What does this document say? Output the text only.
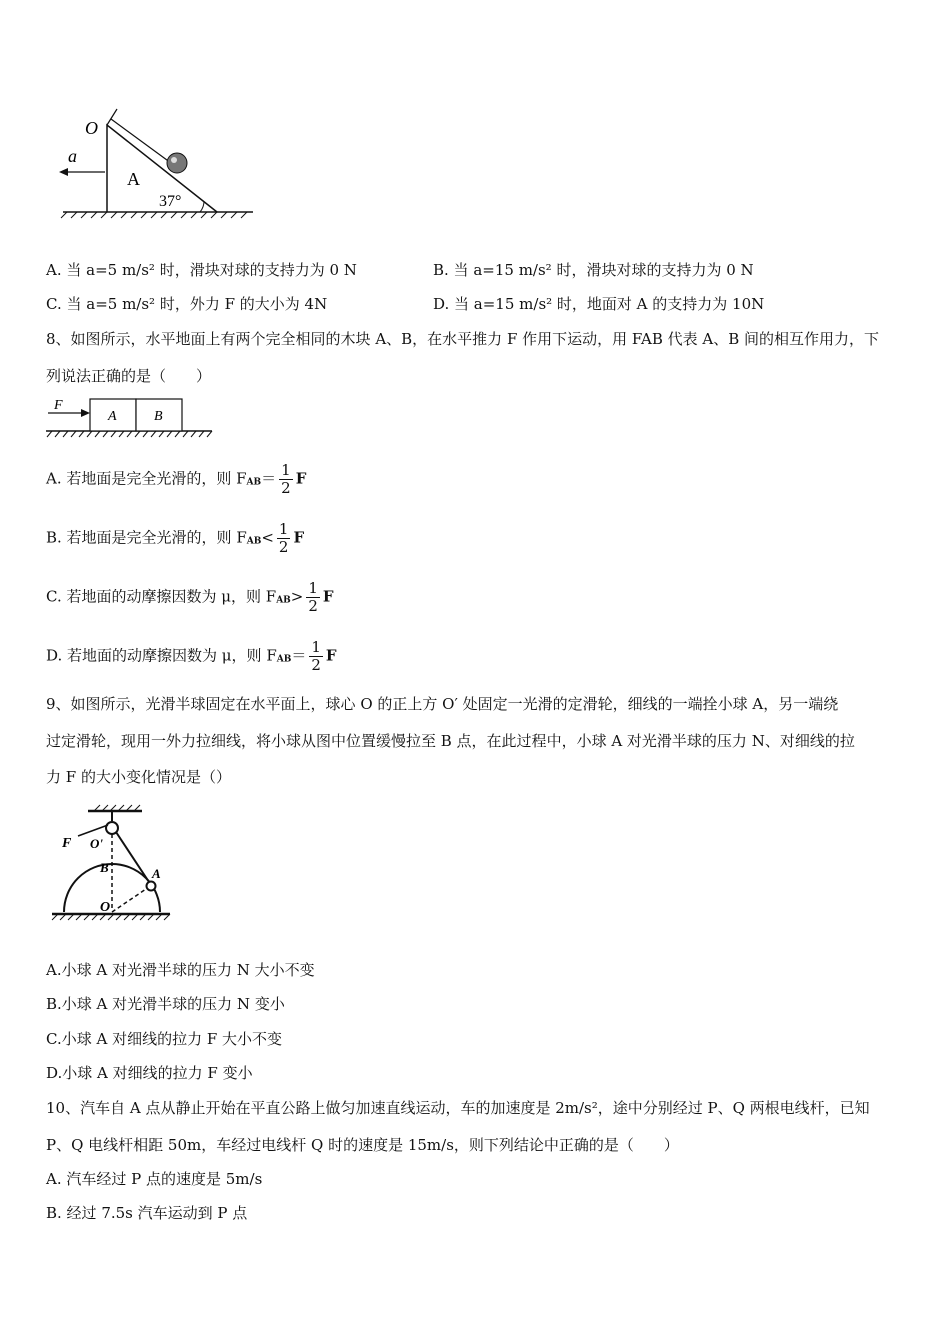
O
a
A
37°
A. 当 a=5 m/s² 时，滑块对球的支持力为 0 N	B. 当 a=15 m/s² 时，滑块对球的支持力为 0 N
C. 当 a=5 m/s² 时，外力 F 的大小为 4N	D. 当 a=15 m/s² 时，地面对 A 的支持力为 10N
8、如图所示，水平地面上有两个完全相同的木块 A、B，在水平推力 F 作用下运动，用 FAB 代表 A、B 间的相互作用力，下
列说法正确的是（　　）
F
A	B
A. 若地面是完全光滑的，则 $FAB= \frac{1}{2}$ F
B. 若地面是完全光滑的，则 $FAB< \frac{1}{2}$ F
C. 若地面的动摩擦因数为 μ，则 $FAB> \frac{1}{2}$ F
D. 若地面的动摩擦因数为 μ，则 $FAB= \frac{1}{2}$ F
9、如图所示，光滑半球固定在水平面上，球心 O 的正上方 O′ 处固定一光滑的定滑轮，细线的一端拴小球 A，另一端绕
过定滑轮，现用一外力拉细线，将小球从图中位置缓慢拉至 B 点，在此过程中，小球 A 对光滑半球的压力 N、对细线的拉
力 F 的大小变化情况是（）
F O'
B	A
O
A.小球 A 对光滑半球的压力 N 大小不变
B.小球 A 对光滑半球的压力 N 变小
C.小球 A 对细线的拉力 F 大小不变
D.小球 A 对细线的拉力 F 变小
10、汽车自 A 点从静止开始在平直公路上做匀加速直线运动，车的加速度是 2m/s²，途中分别经过 P、Q 两根电线杆，已知
P、Q 电线杆相距 50m，车经过电线杆 Q 时的速度是 15m/s，则下列结论中正确的是（　　）
A. 汽车经过 P 点的速度是 5m/s
B. 经过 7.5s 汽车运动到 P 点
